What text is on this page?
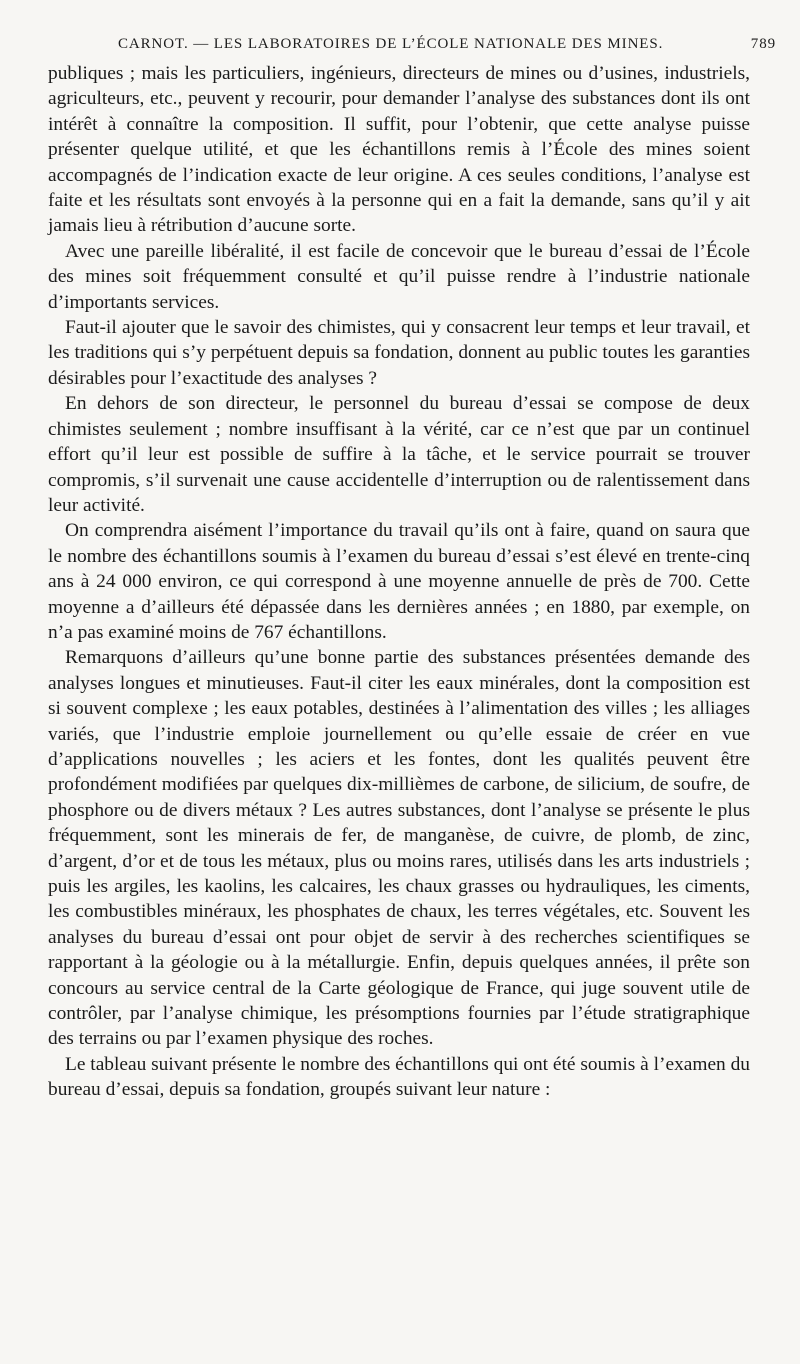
CARNOT. — LES LABORATOIRES DE L’ÉCOLE NATIONALE DES MINES.	789

publiques ; mais les particuliers, ingénieurs, directeurs de mines ou d’usines, industriels, agriculteurs, etc., peuvent y recourir, pour demander l’analyse des substances dont ils ont intérêt à connaître la composition. Il suffit, pour l’obtenir, que cette analyse puisse présenter quelque utilité, et que les échantillons remis à l’École des mines soient accompagnés de l’indication exacte de leur origine. A ces seules conditions, l’analyse est faite et les résultats sont envoyés à la personne qui en a fait la demande, sans qu’il y ait jamais lieu à rétribution d’aucune sorte.

Avec une pareille libéralité, il est facile de concevoir que le bureau d’essai de l’École des mines soit fréquemment consulté et qu’il puisse rendre à l’industrie nationale d’importants services.

Faut-il ajouter que le savoir des chimistes, qui y consacrent leur temps et leur travail, et les traditions qui s’y perpétuent depuis sa fondation, donnent au public toutes les garanties désirables pour l’exactitude des analyses ?

En dehors de son directeur, le personnel du bureau d’essai se compose de deux chimistes seulement ; nombre insuffisant à la vérité, car ce n’est que par un continuel effort qu’il leur est possible de suffire à la tâche, et le service pourrait se trouver compromis, s’il survenait une cause accidentelle d’interruption ou de ralentissement dans leur activité.

On comprendra aisément l’importance du travail qu’ils ont à faire, quand on saura que le nombre des échantillons soumis à l’examen du bureau d’essai s’est élevé en trente-cinq ans à 24 000 environ, ce qui correspond à une moyenne annuelle de près de 700. Cette moyenne a d’ailleurs été dépassée dans les dernières années ; en 1880, par exemple, on n’a pas examiné moins de 767 échantillons.

Remarquons d’ailleurs qu’une bonne partie des substances présentées demande des analyses longues et minutieuses. Faut-il citer les eaux minérales, dont la composition est si souvent complexe ; les eaux potables, destinées à l’alimentation des villes ; les alliages variés, que l’industrie emploie journellement ou qu’elle essaie de créer en vue d’applications nouvelles ; les aciers et les fontes, dont les qualités peuvent être profondément modifiées par quelques dix-millièmes de carbone, de silicium, de soufre, de phosphore ou de divers métaux ? Les autres substances, dont l’analyse se présente le plus fréquemment, sont les minerais de fer, de manganèse, de cuivre, de plomb, de zinc, d’argent, d’or et de tous les métaux, plus ou moins rares, utilisés dans les arts industriels ; puis les argiles, les kaolins, les calcaires, les chaux grasses ou hydrauliques, les ciments, les combustibles minéraux, les phosphates de chaux, les terres végétales, etc. Souvent les analyses du bureau d’essai ont pour objet de servir à des recherches scientifiques se rapportant à la géologie ou à la métallurgie. Enfin, depuis quelques années, il prête son concours au service central de la Carte géologique de France, qui juge souvent utile de contrôler, par l’analyse chimique, les présomptions fournies par l’étude stratigraphique des terrains ou par l’examen physique des roches.

Le tableau suivant présente le nombre des échantillons qui ont été soumis à l’examen du bureau d’essai, depuis sa fondation, groupés suivant leur nature :
